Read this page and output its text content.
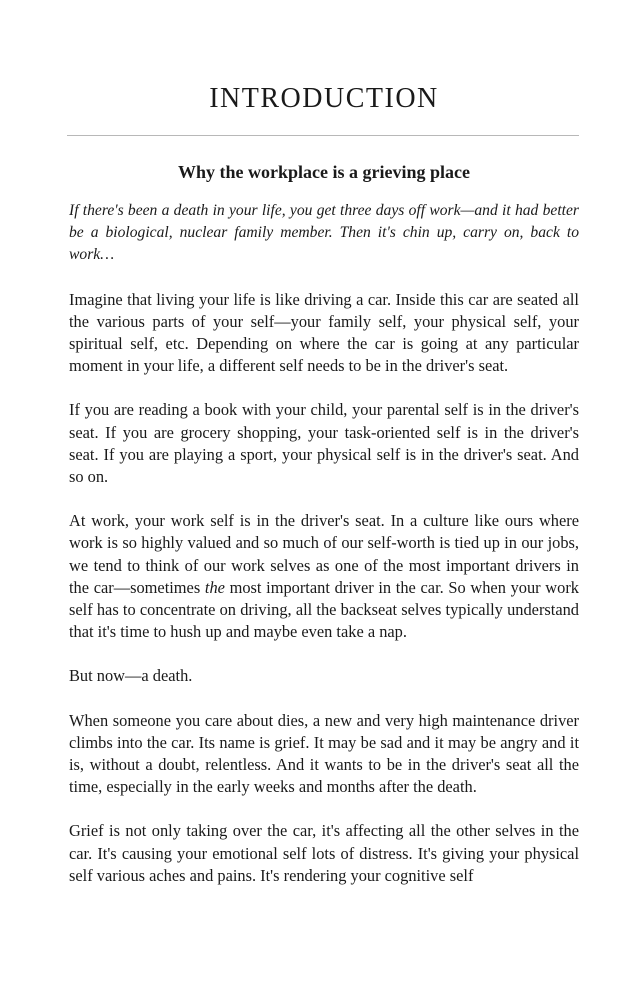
INTRODUCTION
Why the workplace is a grieving place

If there's been a death in your life, you get three days off work—and it had better be a biological, nuclear family member. Then it's chin up, carry on, back to work…

Imagine that living your life is like driving a car. Inside this car are seated all the various parts of your self—your family self, your physical self, your spiritual self, etc. Depending on where the car is going at any particular moment in your life, a different self needs to be in the driver's seat.

If you are reading a book with your child, your parental self is in the driver's seat. If you are grocery shopping, your task-oriented self is in the driver's seat. If you are playing a sport, your physical self is in the driver's seat. And so on.

At work, your work self is in the driver's seat. In a culture like ours where work is so highly valued and so much of our self-worth is tied up in our jobs, we tend to think of our work selves as one of the most important drivers in the car—sometimes the most important driver in the car. So when your work self has to concentrate on driving, all the backseat selves typically understand that it's time to hush up and maybe even take a nap.

But now—a death.

When someone you care about dies, a new and very high maintenance driver climbs into the car. Its name is grief. It may be sad and it may be angry and it is, without a doubt, relentless. And it wants to be in the driver's seat all the time, especially in the early weeks and months after the death.

Grief is not only taking over the car, it's affecting all the other selves in the car. It's causing your emotional self lots of distress. It's giving your physical self various aches and pains. It's rendering your cognitive self
